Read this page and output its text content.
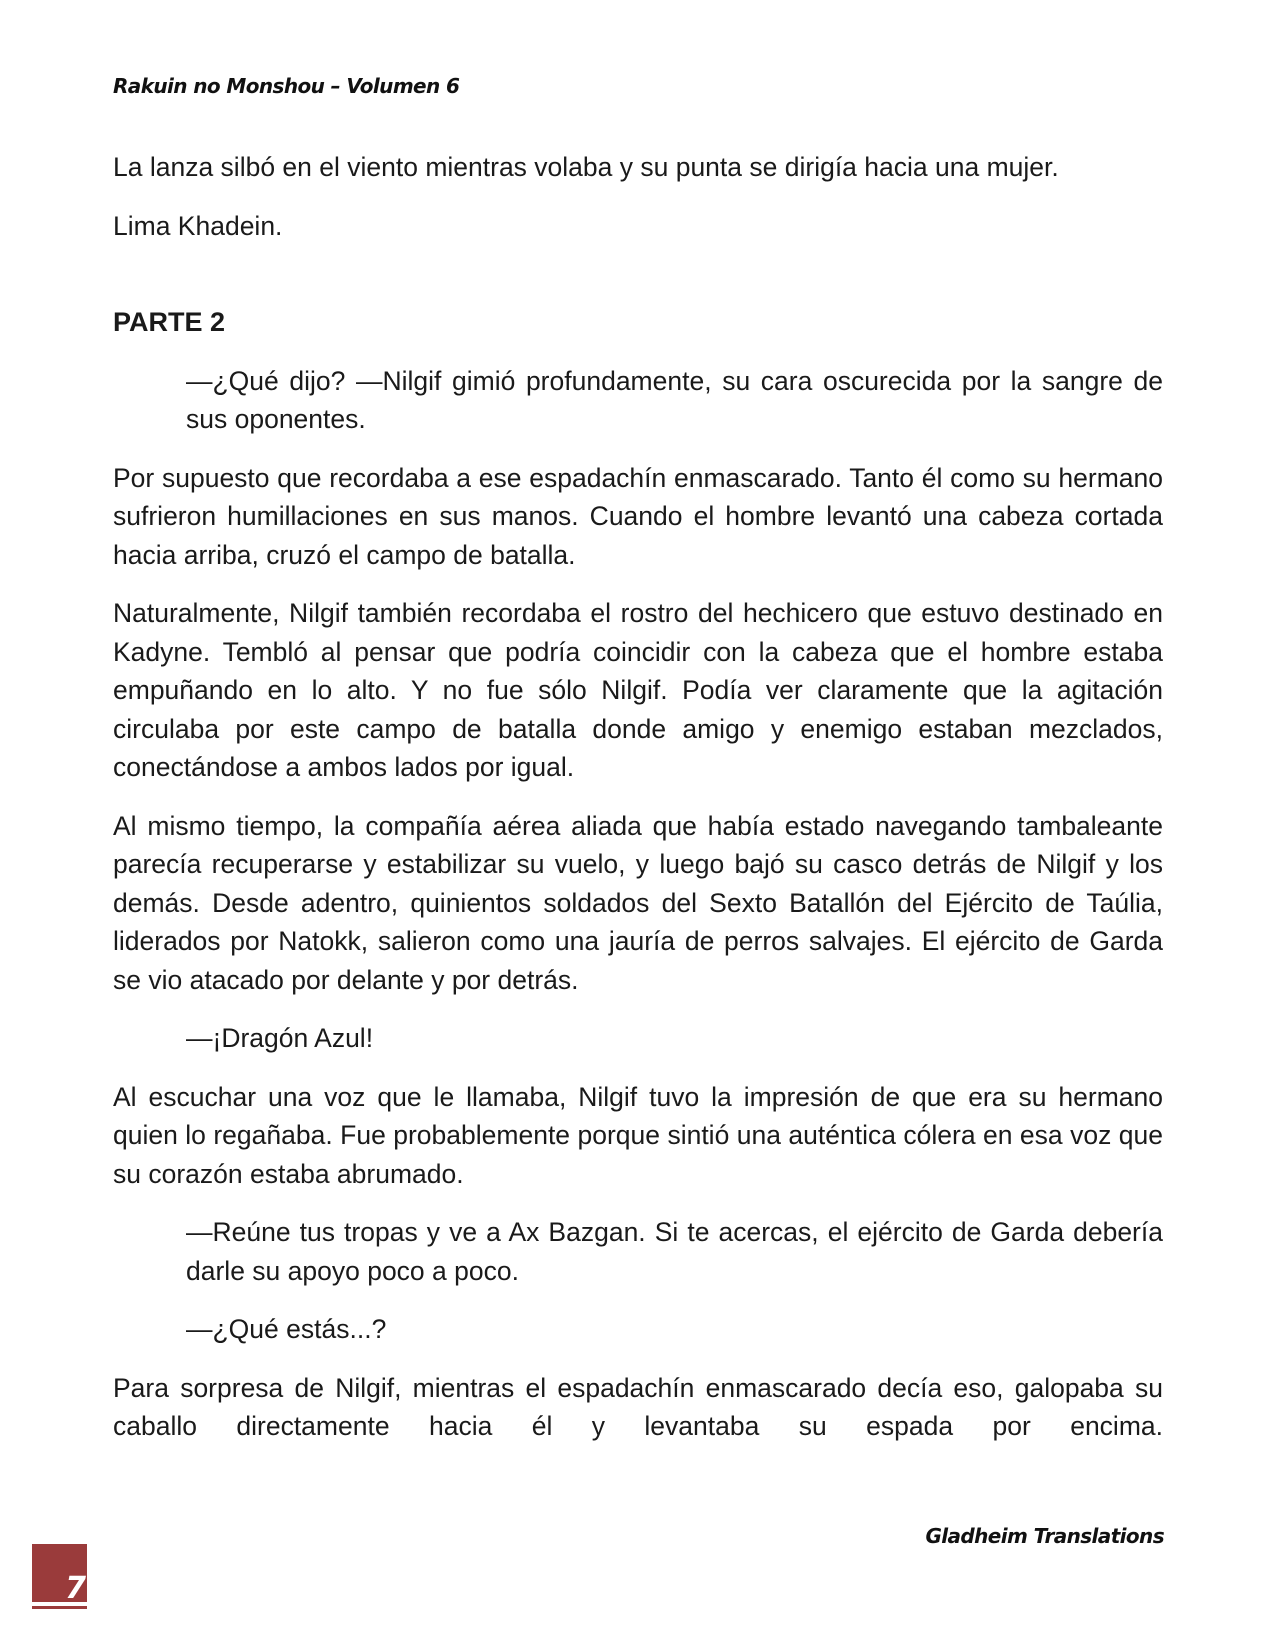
Rakuin no Monshou – Volumen 6

La lanza silbó en el viento mientras volaba y su punta se dirigía hacia una mujer.

Lima Khadein.

PARTE 2

—¿Qué dijo? —Nilgif gimió profundamente, su cara oscurecida por la sangre de sus oponentes.

Por supuesto que recordaba a ese espadachín enmascarado. Tanto él como su hermano sufrieron humillaciones en sus manos. Cuando el hombre levantó una cabeza cortada hacia arriba, cruzó el campo de batalla.

Naturalmente, Nilgif también recordaba el rostro del hechicero que estuvo destinado en Kadyne. Tembló al pensar que podría coincidir con la cabeza que el hombre estaba empuñando en lo alto. Y no fue sólo Nilgif. Podía ver claramente que la agitación circulaba por este campo de batalla donde amigo y enemigo estaban mezclados, conectándose a ambos lados por igual.

Al mismo tiempo, la compañía aérea aliada que había estado navegando tambaleante parecía recuperarse y estabilizar su vuelo, y luego bajó su casco detrás de Nilgif y los demás. Desde adentro, quinientos soldados del Sexto Batallón del Ejército de Taúlia, liderados por Natokk, salieron como una jauría de perros salvajes. El ejército de Garda se vio atacado por delante y por detrás.

—¡Dragón Azul!

Al escuchar una voz que le llamaba, Nilgif tuvo la impresión de que era su hermano quien lo regañaba. Fue probablemente porque sintió una auténtica cólera en esa voz que su corazón estaba abrumado.

—Reúne tus tropas y ve a Ax Bazgan. Si te acercas, el ejército de Garda debería darle su apoyo poco a poco.

—¿Qué estás...?

Para sorpresa de Nilgif, mientras el espadachín enmascarado decía eso, galopaba su caballo directamente hacia él y levantaba su espada por encima.

Gladheim Translations
7
